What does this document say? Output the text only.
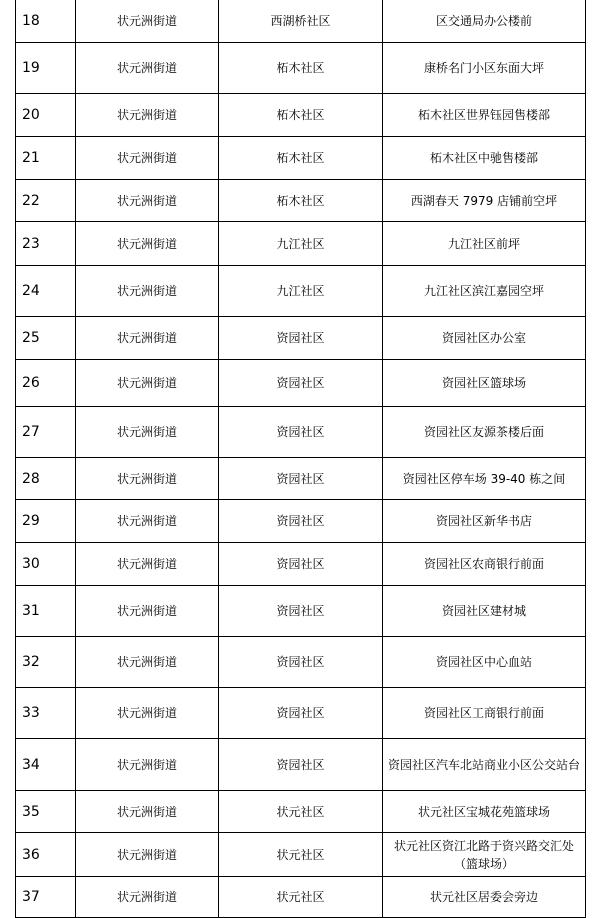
18	状元洲街道	西湖桥社区	区交通局办公楼前
19	状元洲街道	柘木社区	康桥名门小区东面大坪
20	状元洲街道	柘木社区	柘木社区世界钰园售楼部
21	状元洲街道	柘木社区	柘木社区中驰售楼部
22	状元洲街道	柘木社区	西湖春天 7979 店铺前空坪
23	状元洲街道	九江社区	九江社区前坪
24	状元洲街道	九江社区	九江社区滨江嘉园空坪
25	状元洲街道	资园社区	资园社区办公室
26	状元洲街道	资园社区	资园社区篮球场
27	状元洲街道	资园社区	资园社区友源茶楼后面
28	状元洲街道	资园社区	资园社区停车场 39-40 栋之间
29	状元洲街道	资园社区	资园社区新华书店
30	状元洲街道	资园社区	资园社区农商银行前面
31	状元洲街道	资园社区	资园社区建材城
32	状元洲街道	资园社区	资园社区中心血站
33	状元洲街道	资园社区	资园社区工商银行前面
34	状元洲街道	资园社区	资园社区汽车北站商业小区公交站台
35	状元洲街道	状元社区	状元社区宝城花苑篮球场
36	状元洲街道	状元社区	状元社区资江北路于资兴路交汇处（篮球场）
37	状元洲街道	状元社区	状元社区居委会旁边
